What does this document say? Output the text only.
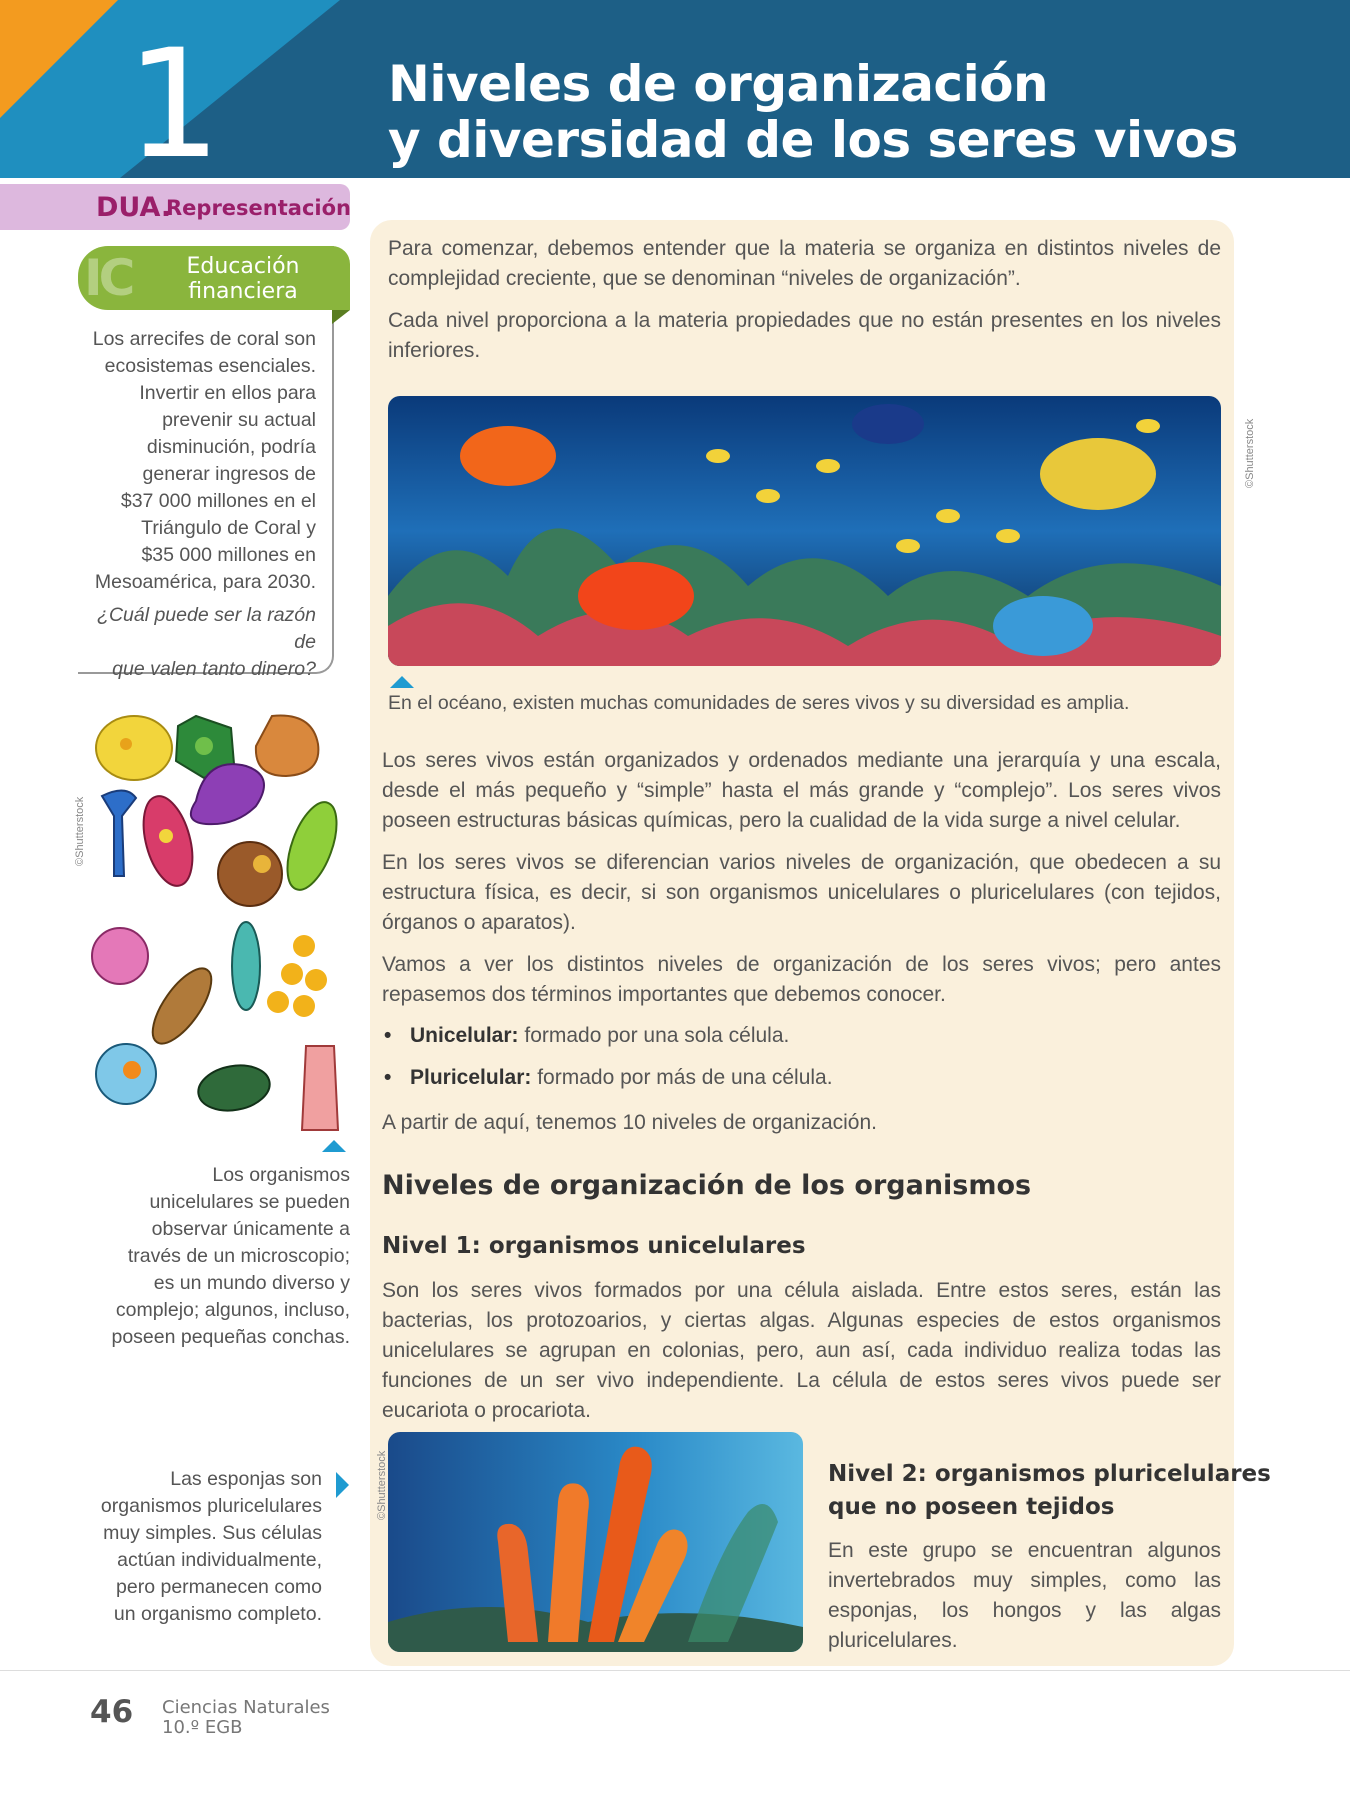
1	Niveles de organización
y diversidad de los seres vivos
DUA.
Representación
IC	Educación
financiera

Los arrecifes de coral son

ecosistemas esenciales.

Invertir en ellos para

prevenir su actual

disminución, podría

generar ingresos de

$37 000 millones en el

Triángulo de Coral y

$35 000 millones en

Mesoamérica, para 2030.

¿Cuál puede ser la razón de

que valen tanto dinero?

©Shutterstock
Los organismos
unicelulares se pueden
observar únicamente a
través de un microscopio;
es un mundo diverso y
complejo; algunos, incluso,
poseen pequeñas conchas.
Las esponjas son
organismos pluricelulares
muy simples. Sus células
actúan individualmente,
pero permanecen como
un organismo completo.

Para comenzar, debemos entender que la materia se organiza en distintos niveles de complejidad creciente, que se denominan “niveles de organización”.

Cada nivel proporciona a la materia propiedades que no están presentes en los niveles inferiores.

©Shutterstock
En el océano, existen muchas comunidades de seres vivos y su diversidad es amplia.

Los seres vivos están organizados y ordenados mediante una jerarquía y una escala, desde el más pequeño y “simple” hasta el más grande y “complejo”. Los seres vivos poseen estructuras básicas químicas, pero la cualidad de la vida surge a nivel celular.

En los seres vivos se diferencian varios niveles de organización, que obedecen a su estructura física, es decir, si son organismos unicelulares o pluricelulares (con tejidos, órganos o aparatos).

Vamos a ver los distintos niveles de organización de los seres vivos; pero antes repasemos dos términos importantes que debemos conocer.

• Unicelular: formado por una sola célula.
• Pluricelular: formado por más de una célula.

A partir de aquí, tenemos 10 niveles de organización.

Niveles de organización de los organismos
Nivel 1: organismos unicelulares

Son los seres vivos formados por una célula aislada. Entre estos seres, están las bacterias, los protozoarios, y ciertas algas. Algunas especies de estos organismos unicelulares se agrupan en colonias, pero, aun así, cada individuo realiza todas las funciones de un ser vivo independiente. La célula de estos seres vivos puede ser eucariota o procariota.

©Shutterstock	Nivel 2: organismos pluricelulares
que no poseen tejidos

En este grupo se encuentran algunos invertebrados muy simples, como las esponjas, los hongos y las algas pluricelulares.

46 Ciencias Naturales
10.º EGB
